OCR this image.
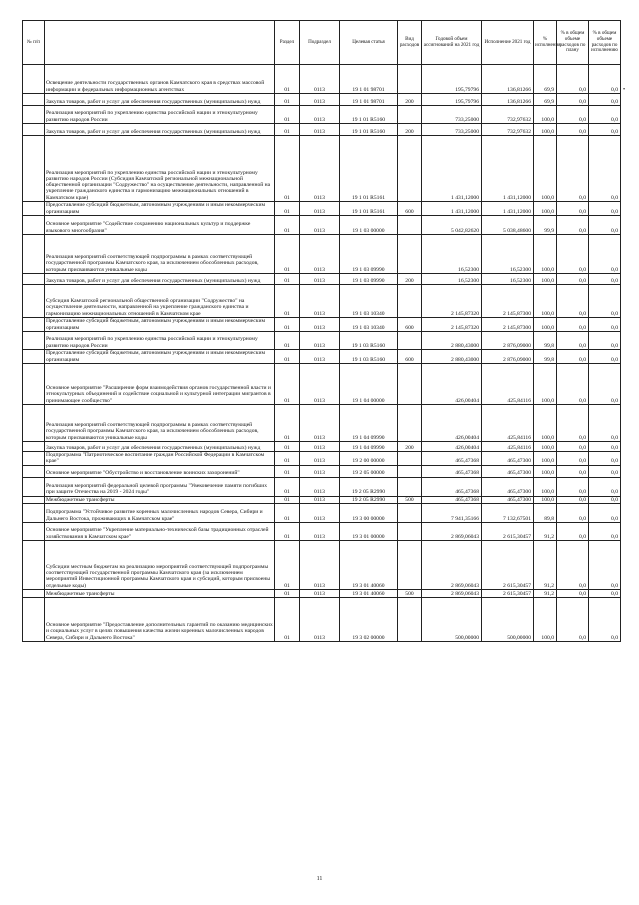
№ п/п		Раздел	Подраздел	Целевая статья	Вид расходов	Годовой объем ассигнований на 2021 год	Исполнение 2021 год	% исполнения	% в общем объеме расходов по плану	% в общем объеме расходов по исполнению
	Освещение деятельности государственных органов Камчатского края в средствах массовой информации и федеральных информационных агентствах	01	0113	19 1 01 98701		195,79796	136,81266	69,9	0,0	0,0
	Закупка товаров, работ и услуг для обеспечения государственных (муниципальных) нужд	01	0113	19 1 01 98701	200	195,79796	136,81266	69,9	0,0	0,0
	Реализация мероприятий по укреплению единства российской нации и этнокультурному развитию народов России	01	0113	19 1 01 R5160		733,25000	732,97632	100,0	0,0	0,0
	Закупка товаров, работ и услуг для обеспечения государственных (муниципальных) нужд	01	0113	19 1 01 R5160	200	733,25000	732,97632	100,0	0,0	0,0
	Реализация мероприятий по укреплению единства российской нации и этнокультурному развитию народов России (Субсидия Камчатской региональной межнациональной общественной организации "Содружество" на осуществление деятельности, направленной на укрепление гражданского единства и гармонизацию межнациональных отношений в Камчатском крае)	01	0113	19 1 01 R5161		1 431,12000	1 431,12000	100,0	0,0	0,0
	Предоставление субсидий бюджетным, автономным учреждениям и иным некоммерческим организациям	01	0113	19 1 01 R5161	600	1 431,12000	1 431,12000	100,0	0,0	0,0
	Основное мероприятие "Содействие сохранению национальных культур и поддержке языкового многообразия"	01	0113	19 1 03 00000		5 042,82620	5 038,48600	99,9	0,0	0,0
	Реализация мероприятий соответствующей подпрограммы в рамках соответствующей государственной программы Камчатского края, за исключением обособленных расходов, которым присваиваются уникальные коды	01	0113	19 1 03 09990		16,52300	16,52300	100,0	0,0	0,0
	Закупка товаров, работ и услуг для обеспечения государственных (муниципальных) нужд	01	0113	19 1 03 09990	200	16,52300	16,52300	100,0	0,0	0,0
	Субсидия Камчатской региональной общественной организации "Содружество" на осуществление деятельности, направленной на укрепление гражданского единства и гармонизацию межнациональных отношений в Камчатском крае	01	0113	19 1 03 10340		2 145,87320	2 145,87300	100,0	0,0	0,0
	Предоставление субсидий бюджетным, автономным учреждениям и иным некоммерческим организациям	01	0113	19 1 03 10340	600	2 145,87320	2 145,87300	100,0	0,0	0,0
	Реализация мероприятий по укреплению единства российской нации и этнокультурному развитию народов России	01	0113	19 1 03 R5160		2 880,43000	2 876,09000	99,8	0,0	0,0
	Предоставление субсидий бюджетным, автономным учреждениям и иным некоммерческим организациям	01	0113	19 1 03 R5160	600	2 880,43000	2 876,09000	99,8	0,0	0,0
	Основное мероприятие "Расширение форм взаимодействия органов государственной власти и этнокультурных объединений и содействие социальной и культурной интеграции мигрантов в принимающее сообщество"	01	0113	19 1 04 00000		426,00404	425,84116	100,0	0,0	0,0
	Реализация мероприятий соответствующей подпрограммы в рамках соответствующей государственной программы Камчатского края, за исключением обособленных расходов, которым присваиваются уникальные коды	01	0113	19 1 04 09990		426,00404	425,84116	100,0	0,0	0,0
	Закупка товаров, работ и услуг для обеспечения государственных (муниципальных) нужд	01	0113	19 1 04 09990	200	426,00404	425,84116	100,0	0,0	0,0
	Подпрограмма "Патриотическое воспитание граждан Российской Федерации в Камчатском крае"	01	0113	19 2 00 00000		465,47368	465,47300	100,0	0,0	0,0
	Основное мероприятие "Обустройство и восстановление воинских захоронений"	01	0113	19 2 05 00000		465,47368	465,47300	100,0	0,0	0,0
	Реализация мероприятий федеральной целевой программы "Увековечение памяти погибших при защите Отечества на 2019 - 2024 годы"	01	0113	19 2 05 R2990		465,47368	465,47300	100,0	0,0	0,0
	Межбюджетные трансферты	01	0113	19 2 05 R2990	500	465,47368	465,47300	100,0	0,0	0,0
	Подпрограмма "Устойчивое развитие коренных малочисленных народов Севера, Сибири и Дальнего Востока, проживающих в Камчатском крае"	01	0113	19 3 00 00000		7 941,35166	7 132,67501	89,8	0,0	0,0
	Основное мероприятие "Укрепление материально-технической базы традиционных отраслей хозяйствования в Камчатском крае"	01	0113	19 3 01 00000		2 869,06043	2 615,30457	91,2	0,0	0,0
	Субсидии местным бюджетам на реализацию мероприятий соответствующей подпрограммы соответствующей государственной программы Камчатского края (за исключением мероприятий Инвестиционной программы Камчатского края и субсидий, которым присвоены отдельные коды)	01	0113	19 3 01 40060		2 869,06043	2 615,30457	91,2	0,0	0,0
	Межбюджетные трансферты	01	0113	19 3 01 40060	500	2 869,06043	2 615,30457	91,2	0,0	0,0
	Основное мероприятие "Предоставление дополнительных гарантий по оказанию медицинских и социальных услуг в целях повышения качества жизни коренных малочисленных народов Севера, Сибири и Дальнего Востока"	01	0113	19 3 02 00000		500,00000	500,00000	100,0	0,0	0,0
•
11
